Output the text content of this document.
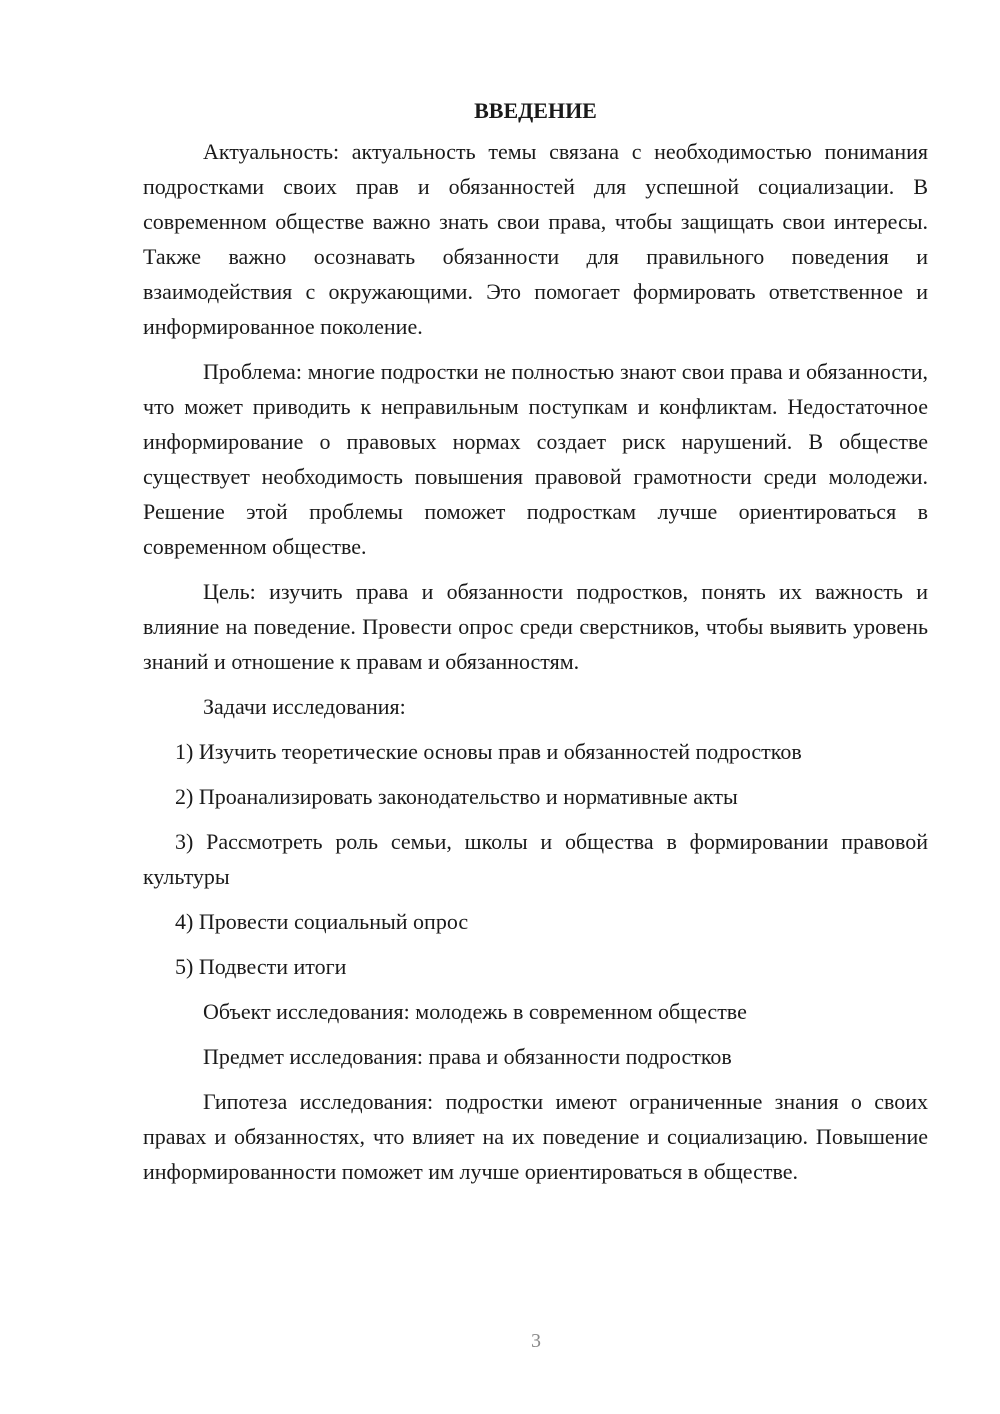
ВВЕДЕНИЕ

Актуальность: актуальность темы связана с необходимостью понимания подростками своих прав и обязанностей для успешной социализации. В современном обществе важно знать свои права, чтобы защищать свои интересы. Также важно осознавать обязанности для правильного поведения и взаимодействия с окружающими. Это помогает формировать ответственное и информированное поколение.

Проблема: многие подростки не полностью знают свои права и обязанности, что может приводить к неправильным поступкам и конфликтам. Недостаточное информирование о правовых нормах создает риск нарушений. В обществе существует необходимость повышения правовой грамотности среди молодежи. Решение этой проблемы поможет подросткам лучше ориентироваться в современном обществе.

Цель: изучить права и обязанности подростков, понять их важность и влияние на поведение. Провести опрос среди сверстников, чтобы выявить уровень знаний и отношение к правам и обязанностям.

Задачи исследования:

1) Изучить теоретические основы прав и обязанностей подростков

2) Проанализировать законодательство и нормативные акты

3) Рассмотреть роль семьи, школы и общества в формировании правовой культуры

4) Провести социальный опрос

5) Подвести итоги

Объект исследования: молодежь в современном обществе

Предмет исследования: права и обязанности подростков

Гипотеза исследования: подростки имеют ограниченные знания о своих правах и обязанностях, что влияет на их поведение и социализацию. Повышение информированности поможет им лучше ориентироваться в обществе.

3
